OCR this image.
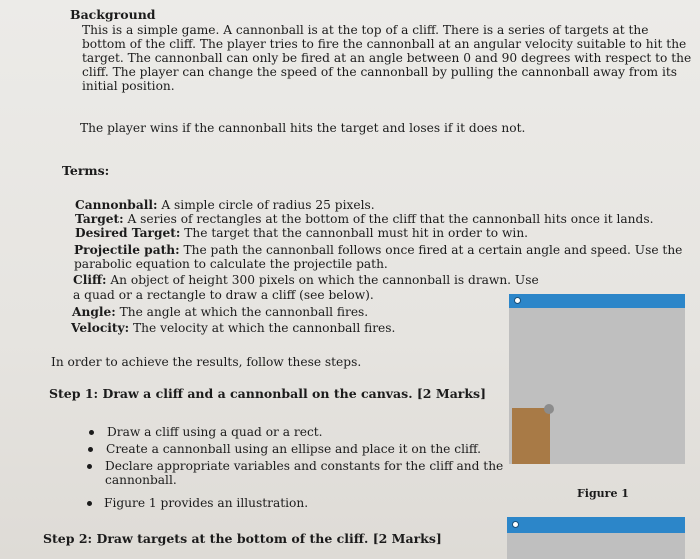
Background
This is a simple game. A cannonball is at the top of a cliff. There is a series of targets at the
bottom of the cliff. The player tries to fire the cannonball at an angular velocity suitable to hit the
target. The cannonball can only be fired at an angle between 0 and 90 degrees with respect to the
cliff. The player can change the speed of the cannonball by pulling the cannonball away from its
initial position.
The player wins if the cannonball hits the target and loses if it does not.
Terms:
Cannonball: A simple circle of radius 25 pixels.
Target: A series of rectangles at the bottom of the cliff that the cannonball hits once it lands.
Desired Target: The target that the cannonball must hit in order to win.
Projectile path: The path the cannonball follows once fired at a certain angle and speed. Use the
parabolic equation to calculate the projectile path.
Cliff: An object of height 300 pixels on which the cannonball is drawn. Use
a quad or a rectangle to draw a cliff (see below).
Angle: The angle at which the cannonball fires.
Velocity: The velocity at which the cannonball fires.
In order to achieve the results, follow these steps.
Step 1: Draw a cliff and a cannonball on the canvas. [2 Marks]
Draw a cliff using a quad or a rect.
Create a cannonball using an ellipse and place it on the cliff.
Declare appropriate variables and constants for the cliff and the
cannonball.
Figure 1 provides an illustration.
Step 2: Draw targets at the bottom of the cliff. [2 Marks]
Figure 1
